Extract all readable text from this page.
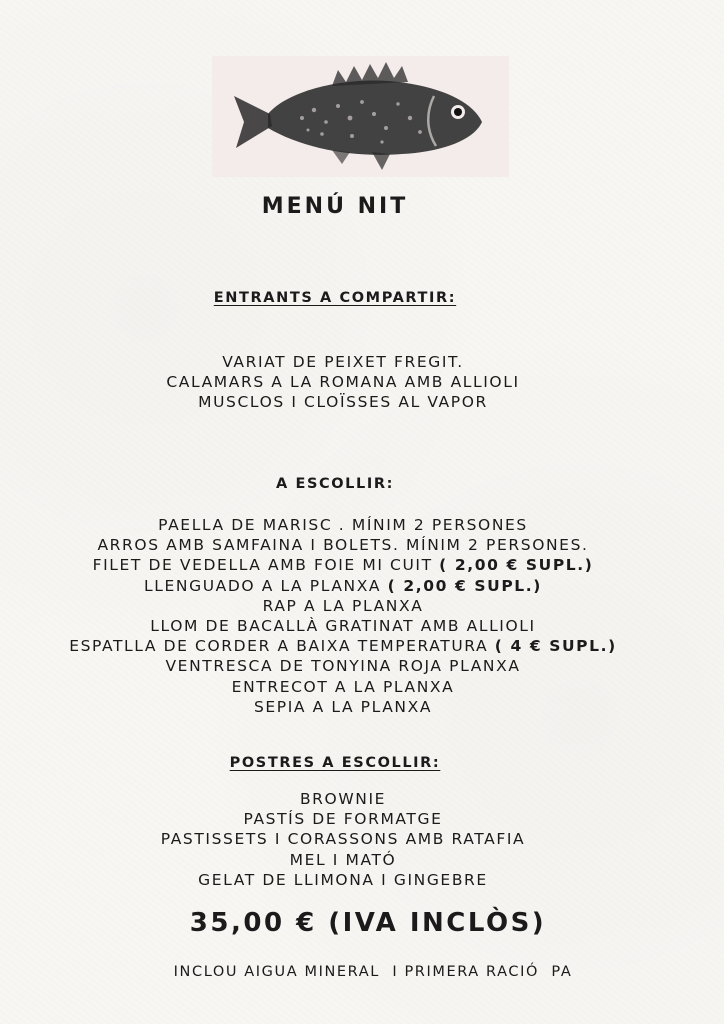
MENÚ NIT
ENTRANTS A COMPARTIR:
VARIAT DE PEIXET FREGIT.
CALAMARS A LA ROMANA AMB ALLIOLI
MUSCLOS I CLOÏSSES AL VAPOR
A ESCOLLIR:
PAELLA DE MARISC . MÍNIM 2 PERSONES
ARROS AMB SAMFAINA I BOLETS. MÍNIM 2 PERSONES.
FILET DE VEDELLA AMB FOIE MI CUIT ( 2,00 € SUPL.)
LLENGUADO A LA PLANXA ( 2,00 € SUPL.)
RAP A LA PLANXA
LLOM DE BACALLÀ GRATINAT AMB ALLIOLI
ESPATLLA DE CORDER A BAIXA TEMPERATURA ( 4 € SUPL.)
VENTRESCA DE TONYINA ROJA PLANXA
ENTRECOT A LA PLANXA
SEPIA A LA PLANXA
POSTRES A ESCOLLIR:
BROWNIE
PASTÍS DE FORMATGE
PASTISSETS I CORASSONS AMB RATAFIA
MEL I MATÓ
GELAT DE LLIMONA I GINGEBRE
35,00 € (IVA INCLÒS)
INCLOU AIGUA MINERAL  I PRIMERA RACIÓ  PA
